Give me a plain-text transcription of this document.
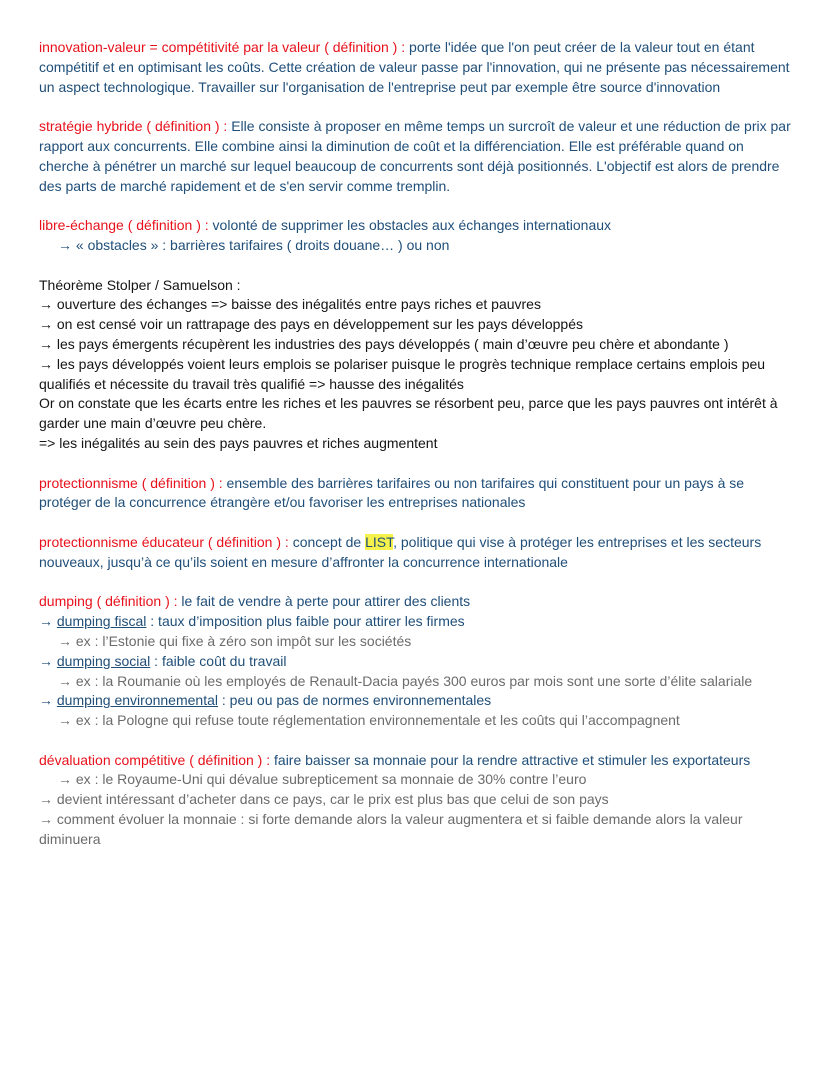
innovation-valeur = compétitivité par la valeur ( définition ) : porte l'idée que l'on peut créer de la valeur tout en étant compétitif et en optimisant les coûts. Cette création de valeur passe par l'innovation, qui ne présente pas nécessairement un aspect technologique. Travailler sur l'organisation de l'entreprise peut par exemple être source d'innovation

stratégie hybride ( définition ) : Elle consiste à proposer en même temps un surcroît de valeur et une réduction de prix par rapport aux concurrents. Elle combine ainsi la diminution de coût et la différenciation. Elle est préférable quand on cherche à pénétrer un marché sur lequel beaucoup de concurrents sont déjà positionnés. L'objectif est alors de prendre des parts de marché rapidement et de s'en servir comme tremplin.

libre-échange ( définition ) : volonté de supprimer les obstacles aux échanges internationaux

→ « obstacles » : barrières tarifaires ( droits douane… ) ou non

Théorème Stolper / Samuelson :

→ ouverture des échanges => baisse des inégalités entre pays riches et pauvres

→ on est censé voir un rattrapage des pays en développement sur les pays développés

→ les pays émergents récupèrent les industries des pays développés ( main d’œuvre peu chère et abondante )

→ les pays développés voient leurs emplois se polariser puisque le progrès technique remplace certains emplois peu qualifiés et nécessite du travail très qualifié => hausse des inégalités

Or on constate que les écarts entre les riches et les pauvres se résorbent peu, parce que les pays pauvres ont intérêt à garder une main d’œuvre peu chère.

=> les inégalités au sein des pays pauvres et riches augmentent

protectionnisme ( définition ) : ensemble des barrières tarifaires ou non tarifaires qui constituent pour un pays à se protéger de la concurrence étrangère et/ou favoriser les entreprises nationales

protectionnisme éducateur ( définition ) : concept de LIST, politique qui vise à protéger les entreprises et les secteurs nouveaux, jusqu’à ce qu’ils soient en mesure d’affronter la concurrence internationale

dumping ( définition ) : le fait de vendre à perte pour attirer des clients

→ dumping fiscal : taux d’imposition plus faible pour attirer les firmes

→ ex : l’Estonie qui fixe à zéro son impôt sur les sociétés

→ dumping social : faible coût du travail

→ ex : la Roumanie où les employés de Renault-Dacia payés 300 euros par mois sont une sorte d’élite salariale

→ dumping environnemental : peu ou pas de normes environnementales

→ ex : la Pologne qui refuse toute réglementation environnementale et les coûts qui l’accompagnent

dévaluation compétitive ( définition ) : faire baisser sa monnaie pour la rendre attractive et stimuler les exportateurs

→ ex : le Royaume-Uni qui dévalue subrepticement sa monnaie de 30% contre l’euro

→ devient intéressant d’acheter dans ce pays, car le prix est plus bas que celui de son pays

→ comment évoluer la monnaie : si forte demande alors la valeur augmentera et si faible demande alors la valeur diminuera
